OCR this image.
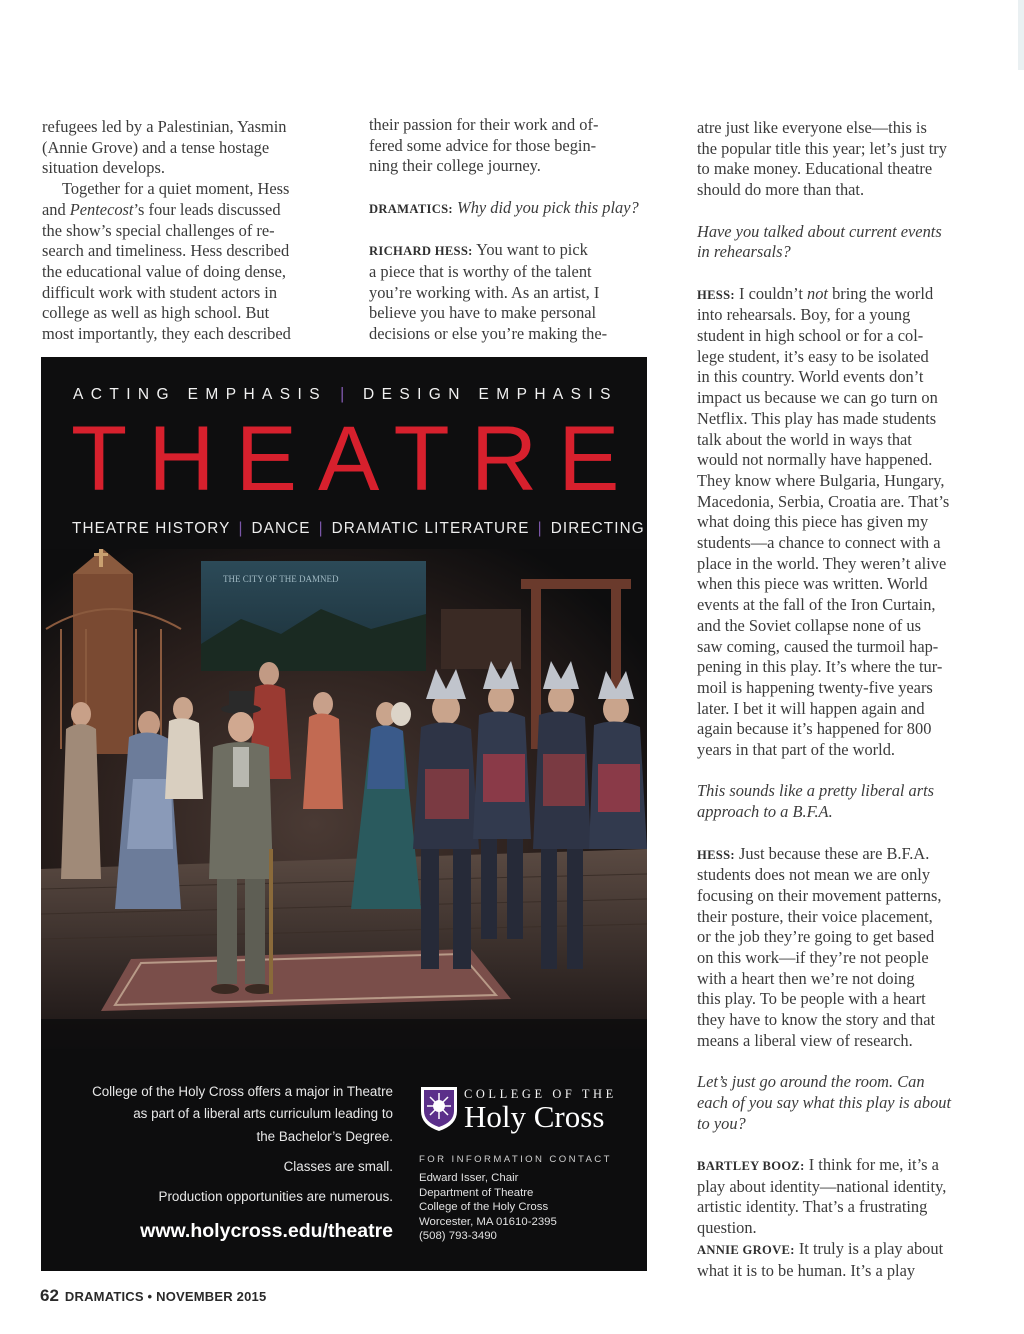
refugees led by a Palestinian, Yasmin

(Annie Grove) and a tense hostage

situation develops.

Together for a quiet moment, Hess

and Pentecost’s four leads discussed

the show’s special challenges of re-

search and timeliness. Hess described

the educational value of doing dense,

difficult work with student actors in

college as well as high school. But

most importantly, they each described

their passion for their work and of-

fered some advice for those begin-

ning their college journey.

DRAMATICS: Why did you pick this play?

RICHARD HESS: You want to pick

a piece that is worthy of the talent

you’re working with. As an artist, I

believe you have to make personal

decisions or else you’re making the-

atre just like everyone else—this is

the popular title this year; let’s just try

to make money. Educational theatre

should do more than that.

Have you talked about current events

in rehearsals?

HESS: I couldn’t not bring the world

into rehearsals. Boy, for a young

student in high school or for a col-

lege student, it’s easy to be isolated

in this country. World events don’t

impact us because we can go turn on

Netflix. This play has made students

talk about the world in ways that

would not normally have happened.

They know where Bulgaria, Hungary,

Macedonia, Serbia, Croatia are. That’s

what doing this piece has given my

students—a chance to connect with a

place in the world. They weren’t alive

when this piece was written. World

events at the fall of the Iron Curtain,

and the Soviet collapse none of us

saw coming, caused the turmoil hap-

pening in this play. It’s where the tur-

moil is happening twenty-five years

later. I bet it will happen again and

again because it’s happened for 800

years in that part of the world.

This sounds like a pretty liberal arts

approach to a B.F.A.

HESS: Just because these are B.F.A.

students does not mean we are only

focusing on their movement patterns,

their posture, their voice placement,

or the job they’re going to get based

on this work—if they’re not people

with a heart then we’re not doing

this play. To be people with a heart

they have to know the story and that

means a liberal view of research.

Let’s just go around the room. Can

each of you say what this play is about

to you?

BARTLEY BOOZ: I think for me, it’s a

play about identity—national identity,

artistic identity. That’s a frustrating

question.

ANNIE GROVE: It truly is a play about

what it is to be human. It’s a play

ACTING EMPHASIS | DESIGN EMPHASIS
THEATRE
THEATRE HISTORY | DANCE | DRAMATIC LITERATURE | DIRECTING
THE CITY OF THE DAMNED
College of the Holy Cross offers a major in Theatre
as part of a liberal arts curriculum leading to
the Bachelor’s Degree.
Classes are small.
Production opportunities are numerous.
www.holycross.edu/theatre
COLLEGE OF THE
Holy Cross
FOR INFORMATION CONTACT
Edward Isser, Chair
Department of Theatre
College of the Holy Cross
Worcester, MA 01610-2395
(508) 793-3490
62 DRAMATICS • NOVEMBER 2015
